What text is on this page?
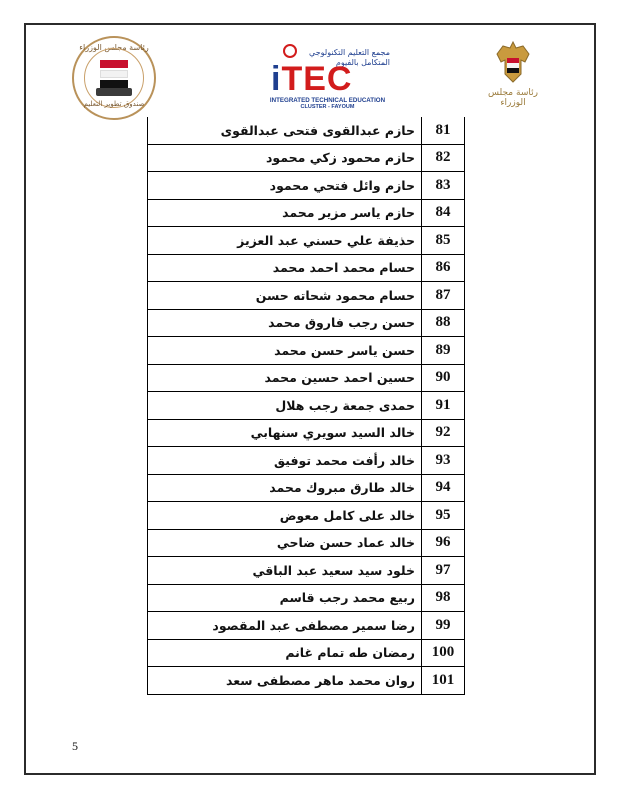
رئاسة مجلس الوزراء
صندوق تطوير التعليم
مجمع التعليم التكنولوجي
المتكامل بالفيوم
iTEC
INTEGRATED TECHNICAL EDUCATION
CLUSTER - FAYOUM
رئاسة مجلس الوزراء
81	حازم عبدالقوى فتحى عبدالقوى
82	حازم محمود زكي محمود
83	حازم وائل فتحي محمود
84	حازم ياسر مزير محمد
85	حذيفة علي حسني عبد العزيز
86	حسام محمد احمد محمد
87	حسام محمود شحاته حسن
88	حسن رجب فاروق محمد
89	حسن ياسر حسن محمد
90	حسين احمد حسين محمد
91	حمدى جمعة رجب هلال
92	خالد السيد سويري سنهابي
93	خالد رأفت محمد توفيق
94	خالد طارق مبروك محمد
95	خالد على كامل معوض
96	خالد عماد حسن ضاحي
97	خلود سيد سعيد عبد الباقي
98	ربيع محمد رجب قاسم
99	رضا سمير مصطفى عبد المقصود
100	رمضان طه تمام غانم
101	روان محمد ماهر مصطفى سعد
5
